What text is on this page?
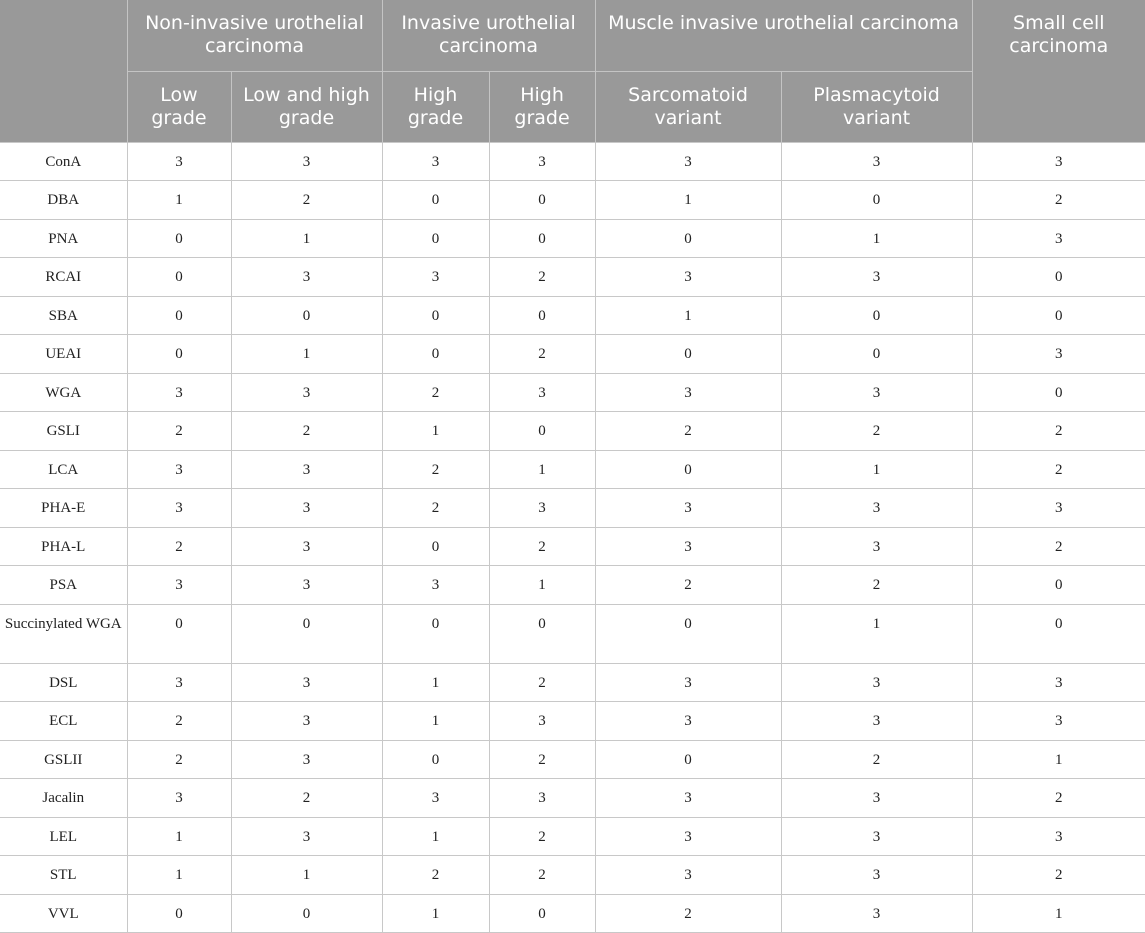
	Non-invasive urothelial carcinoma		Invasive urothelial carcinoma		Muscle invasive urothelial carcinoma		Small cell carcinoma
	Low grade	Low and high grade	High grade	High grade	Sarcomatoid variant	Plasmacytoid variant	
ConA	3	3	3	3	3	3	3
DBA	1	2	0	0	1	0	2
PNA	0	1	0	0	0	1	3
RCAI	0	3	3	2	3	3	0
SBA	0	0	0	0	1	0	0
UEAI	0	1	0	2	0	0	3
WGA	3	3	2	3	3	3	0
GSLI	2	2	1	0	2	2	2
LCA	3	3	2	1	0	1	2
PHA-E	3	3	2	3	3	3	3
PHA-L	2	3	0	2	3	3	2
PSA	3	3	3	1	2	2	0
Succinylated WGA	0	0	0	0	0	1	0
DSL	3	3	1	2	3	3	3
ECL	2	3	1	3	3	3	3
GSLII	2	3	0	2	0	2	1
Jacalin	3	2	3	3	3	3	2
LEL	1	3	1	2	3	3	3
STL	1	1	2	2	3	3	2
VVL	0	0	1	0	2	3	1
